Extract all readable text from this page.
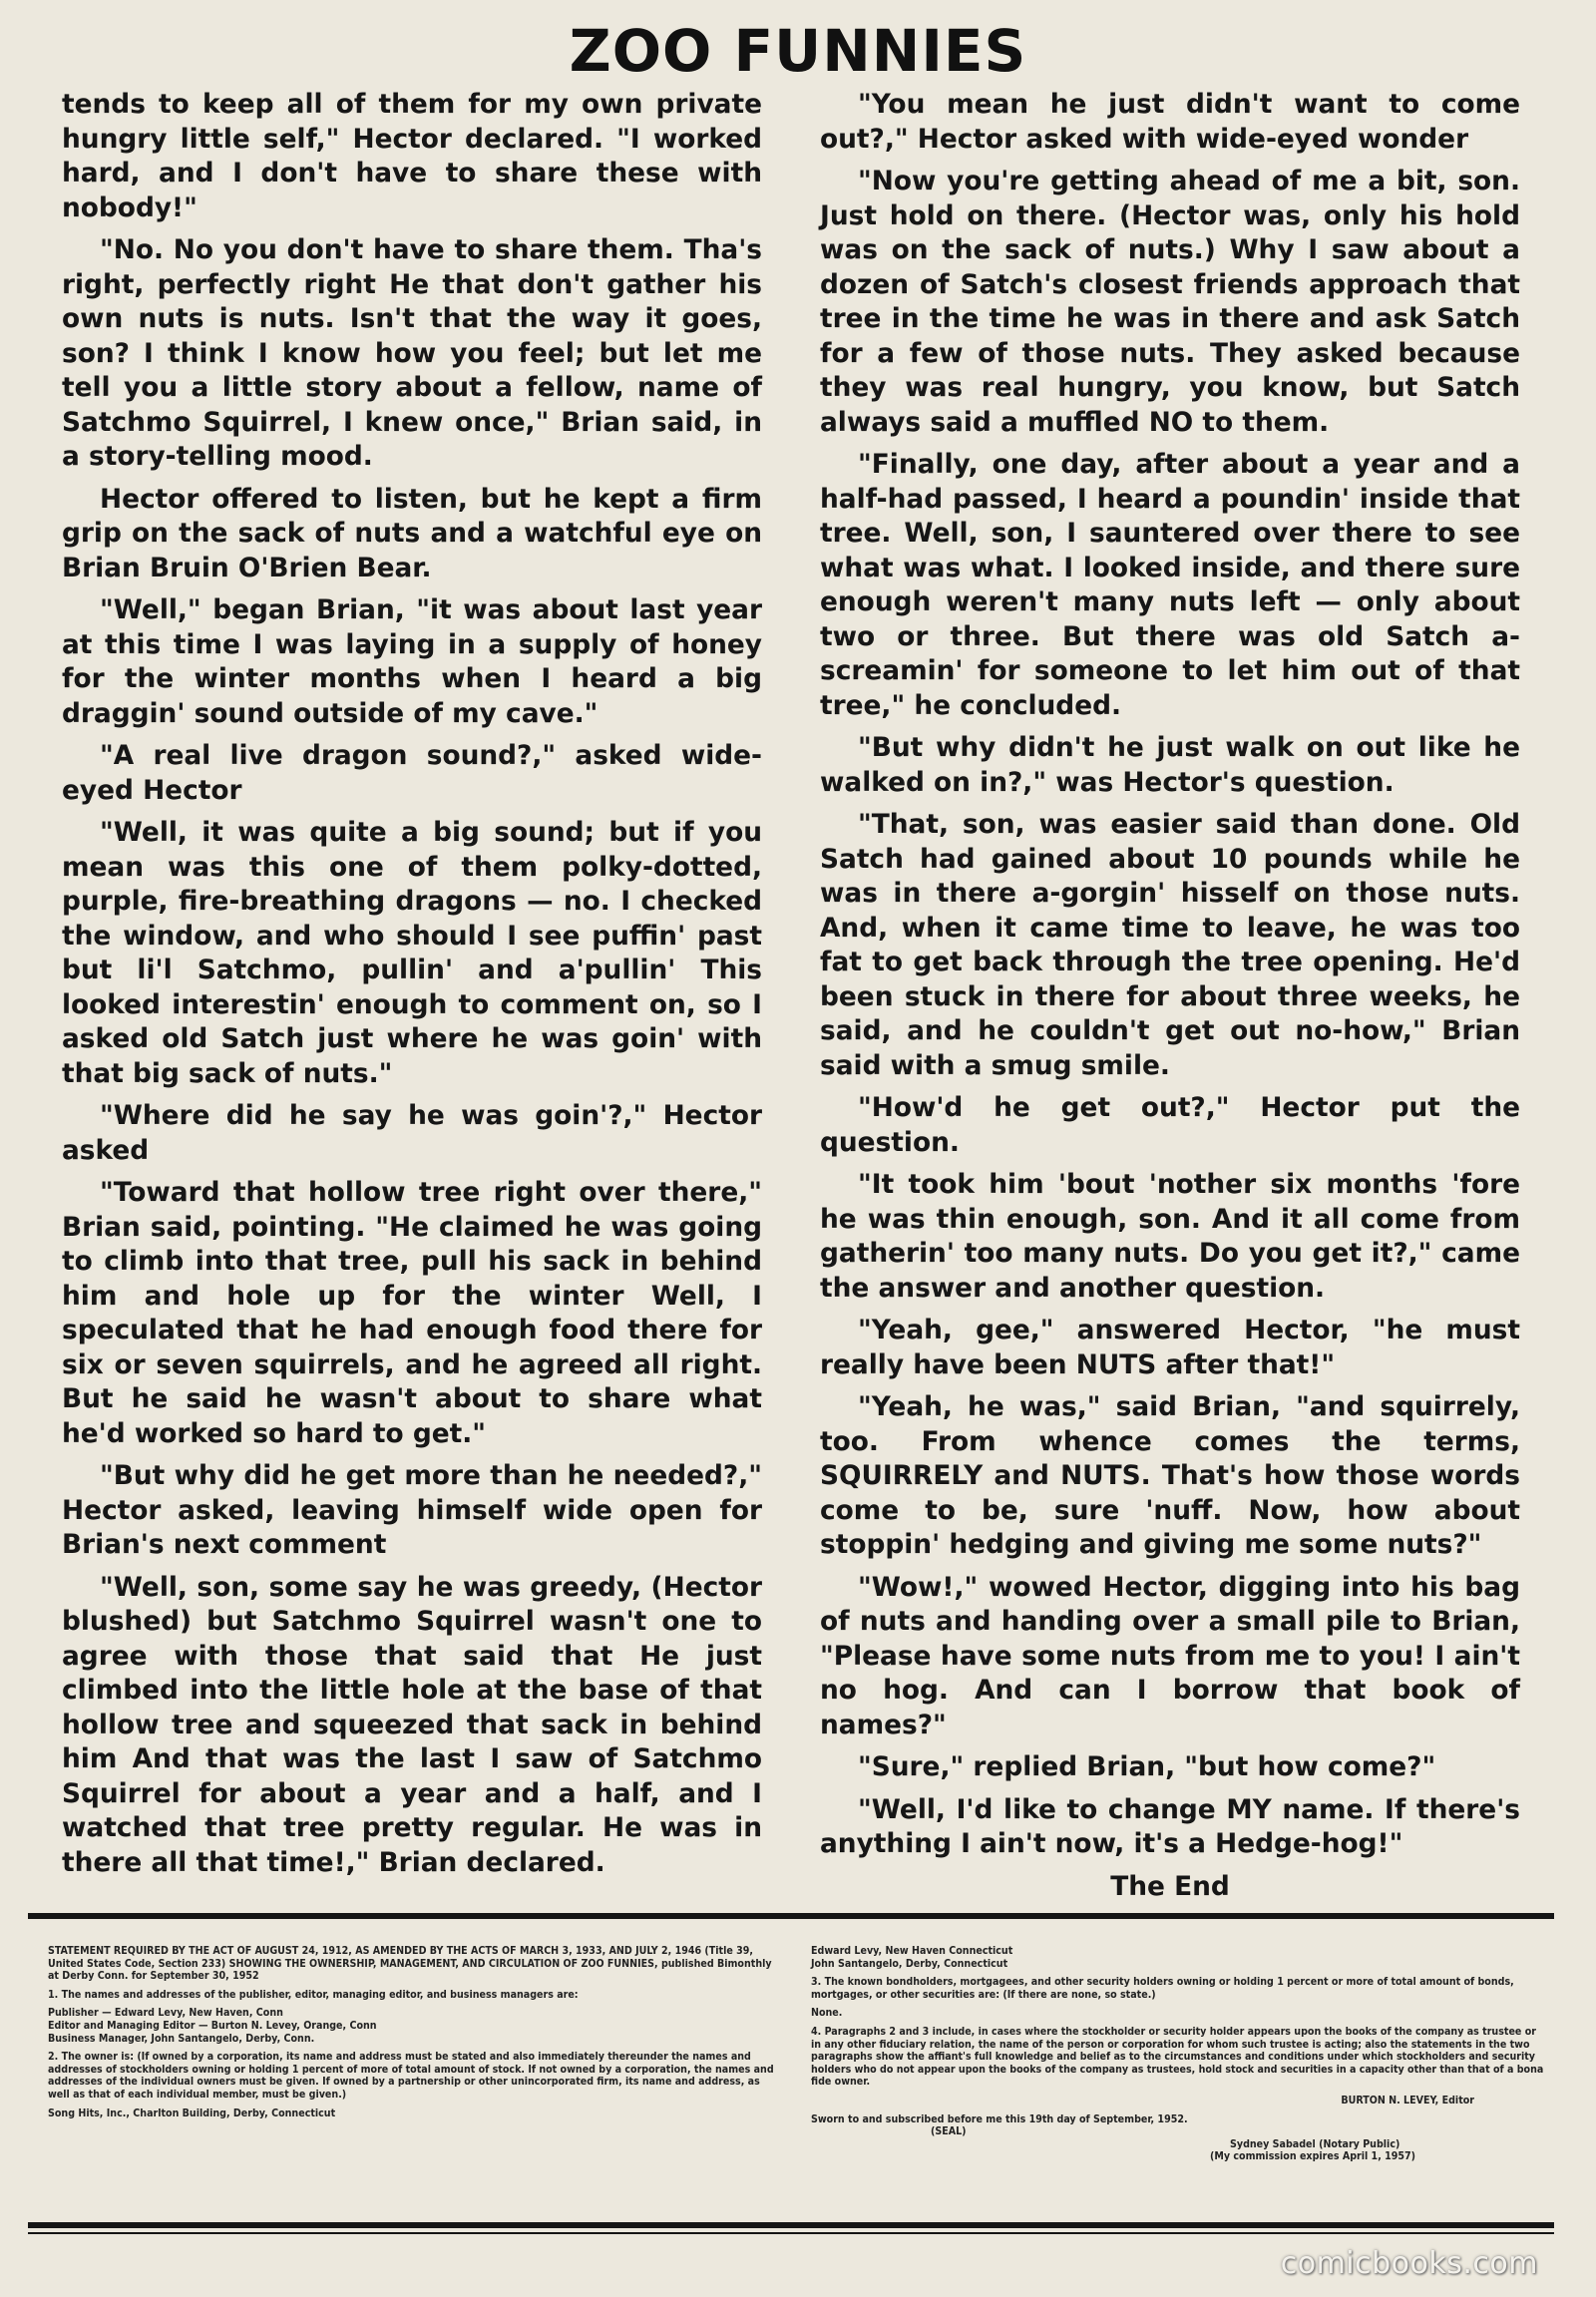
ZOO FUNNIES

tends to keep all of them for my own private hungry little self," Hector declared. "I worked hard, and I don't have to share these with nobody!"

"No. No you don't have to share them. Tha's right, perfectly right He that don't gather his own nuts is nuts. Isn't that the way it goes, son? I think I know how you feel; but let me tell you a little story about a fellow, name of Satchmo Squirrel, I knew once," Brian said, in a story-telling mood.

Hector offered to listen, but he kept a firm grip on the sack of nuts and a watchful eye on Brian Bruin O'Brien Bear.

"Well," began Brian, "it was about last year at this time I was laying in a supply of honey for the winter months when I heard a big draggin' sound outside of my cave."

"A real live dragon sound?," asked wide-eyed Hector

"Well, it was quite a big sound; but if you mean was this one of them polky-dotted, purple, fire-breathing dragons — no. I checked the window, and who should I see puffin' past but li'l Satchmo, pullin' and a'pullin' This looked interestin' enough to comment on, so I asked old Satch just where he was goin' with that big sack of nuts."

"Where did he say he was goin'?," Hector asked

"Toward that hollow tree right over there," Brian said, pointing. "He claimed he was going to climb into that tree, pull his sack in behind him and hole up for the winter Well, I speculated that he had enough food there for six or seven squirrels, and he agreed all right. But he said he wasn't about to share what he'd worked so hard to get."

"But why did he get more than he needed?," Hector asked, leaving himself wide open for Brian's next comment

"Well, son, some say he was greedy, (Hector blushed) but Satchmo Squirrel wasn't one to agree with those that said that He just climbed into the little hole at the base of that hollow tree and squeezed that sack in behind him And that was the last I saw of Satchmo Squirrel for about a year and a half, and I watched that tree pretty regular. He was in there all that time!," Brian declared.

"You mean he just didn't want to come out?," Hector asked with wide-eyed wonder

"Now you're getting ahead of me a bit, son. Just hold on there. (Hector was, only his hold was on the sack of nuts.) Why I saw about a dozen of Satch's closest friends approach that tree in the time he was in there and ask Satch for a few of those nuts. They asked because they was real hungry, you know, but Satch always said a muffled NO to them.

"Finally, one day, after about a year and a half-had passed, I heard a poundin' inside that tree. Well, son, I sauntered over there to see what was what. I looked inside, and there sure enough weren't many nuts left — only about two or three. But there was old Satch a-screamin' for someone to let him out of that tree," he concluded.

"But why didn't he just walk on out like he walked on in?," was Hector's question.

"That, son, was easier said than done. Old Satch had gained about 10 pounds while he was in there a-gorgin' hisself on those nuts. And, when it came time to leave, he was too fat to get back through the tree opening. He'd been stuck in there for about three weeks, he said, and he couldn't get out no-how," Brian said with a smug smile.

"How'd he get out?," Hector put the question.

"It took him 'bout 'nother six months 'fore he was thin enough, son. And it all come from gatherin' too many nuts. Do you get it?," came the answer and another question.

"Yeah, gee," answered Hector, "he must really have been NUTS after that!"

"Yeah, he was," said Brian, "and squirrely, too. From whence comes the terms, SQUIRRELY and NUTS. That's how those words come to be, sure 'nuff. Now, how about stoppin' hedging and giving me some nuts?"

"Wow!," wowed Hector, digging into his bag of nuts and handing over a small pile to Brian, "Please have some nuts from me to you! I ain't no hog. And can I borrow that book of names?"

"Sure," replied Brian, "but how come?"

"Well, I'd like to change MY name. If there's anything I ain't now, it's a Hedge-hog!"

The End

STATEMENT REQUIRED BY THE ACT OF AUGUST 24, 1912, AS AMENDED BY THE ACTS OF MARCH 3, 1933, AND JULY 2, 1946 (Title 39, United States Code, Section 233) SHOWING THE OWNERSHIP, MANAGEMENT, AND CIRCULATION OF ZOO FUNNIES, published Bimonthly at Derby Conn. for September 30, 1952
1. The names and addresses of the publisher, editor, managing editor, and business managers are:
Publisher — Edward Levy, New Haven, Conn
Editor and Managing Editor — Burton N. Levey, Orange, Conn
Business Manager, John Santangelo, Derby, Conn.
2. The owner is: (If owned by a corporation, its name and address must be stated and also immediately thereunder the names and addresses of stockholders owning or holding 1 percent of more of total amount of stock. If not owned by a corporation, the names and addresses of the individual owners must be given. If owned by a partnership or other unincorporated firm, its name and address, as well as that of each individual member, must be given.)
Song Hits, Inc., Charlton Building, Derby, Connecticut
Edward Levy, New Haven Connecticut
John Santangelo, Derby, Connecticut
3. The known bondholders, mortgagees, and other security holders owning or holding 1 percent or more of total amount of bonds, mortgages, or other securities are: (If there are none, so state.)
None.
4. Paragraphs 2 and 3 include, in cases where the stockholder or security holder appears upon the books of the company as trustee or in any other fiduciary relation, the name of the person or corporation for whom such trustee is acting; also the statements in the two paragraphs show the affiant's full knowledge and belief as to the circumstances and conditions under which stockholders and security holders who do not appear upon the books of the company as trustees, hold stock and securities in a capacity other than that of a bona fide owner.
BURTON N. LEVEY, Editor
Sworn to and subscribed before me this 19th day of September, 1952.
(SEAL)
Sydney Sabadel (Notary Public)
(My commission expires April 1, 1957)
comicbooks.com
